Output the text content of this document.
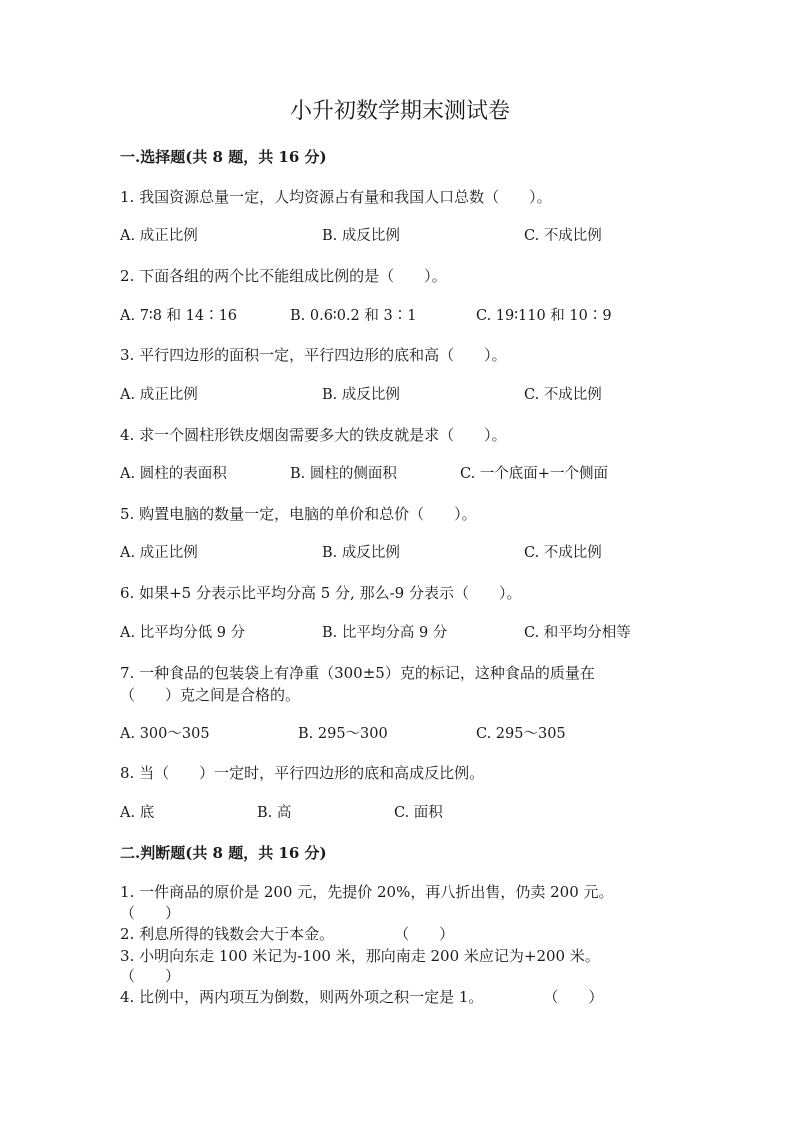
小升初数学期末测试卷
一.选择题(共 8 题，共 16 分)
1. 我国资源总量一定，人均资源占有量和我国人口总数（　　）。
A. 成正比例	B. 成反比例	C. 不成比例
2. 下面各组的两个比不能组成比例的是（　　）。
A. 7∶8 和 14∶16	B. 0.6∶0.2 和 3∶1	C. 19∶110 和 10∶9
3. 平行四边形的面积一定，平行四边形的底和高（　　）。
A. 成正比例	B. 成反比例	C. 不成比例
4. 求一个圆柱形铁皮烟囱需要多大的铁皮就是求（　　）。
A. 圆柱的表面积	B. 圆柱的侧面积	C. 一个底面+一个侧面
5. 购置电脑的数量一定，电脑的单价和总价（　　）。
A. 成正比例	B. 成反比例	C. 不成比例
6. 如果+5 分表示比平均分高 5 分, 那么-9 分表示（　　）。
A. 比平均分低 9 分	B. 比平均分高 9 分	C. 和平均分相等
7. 一种食品的包装袋上有净重（300±5）克的标记，这种食品的质量在
（　　）克之间是合格的。
A. 300～305	B. 295～300	C. 295～305
8. 当（　　）一定时，平行四边形的底和高成反比例。
A. 底	B. 高	C. 面积
二.判断题(共 8 题，共 16 分)
1. 一件商品的原价是 200 元，先提价 20%，再八折出售，仍卖 200 元。
（　　）
2. 利息所得的钱数会大于本金。　　　　　（　　）
3. 小明向东走 100 米记为-100 米，那向南走 200 米应记为+200 米。
（　　）
4. 比例中，两内项互为倒数，则两外项之积一定是 1。　　　　　（　　）
